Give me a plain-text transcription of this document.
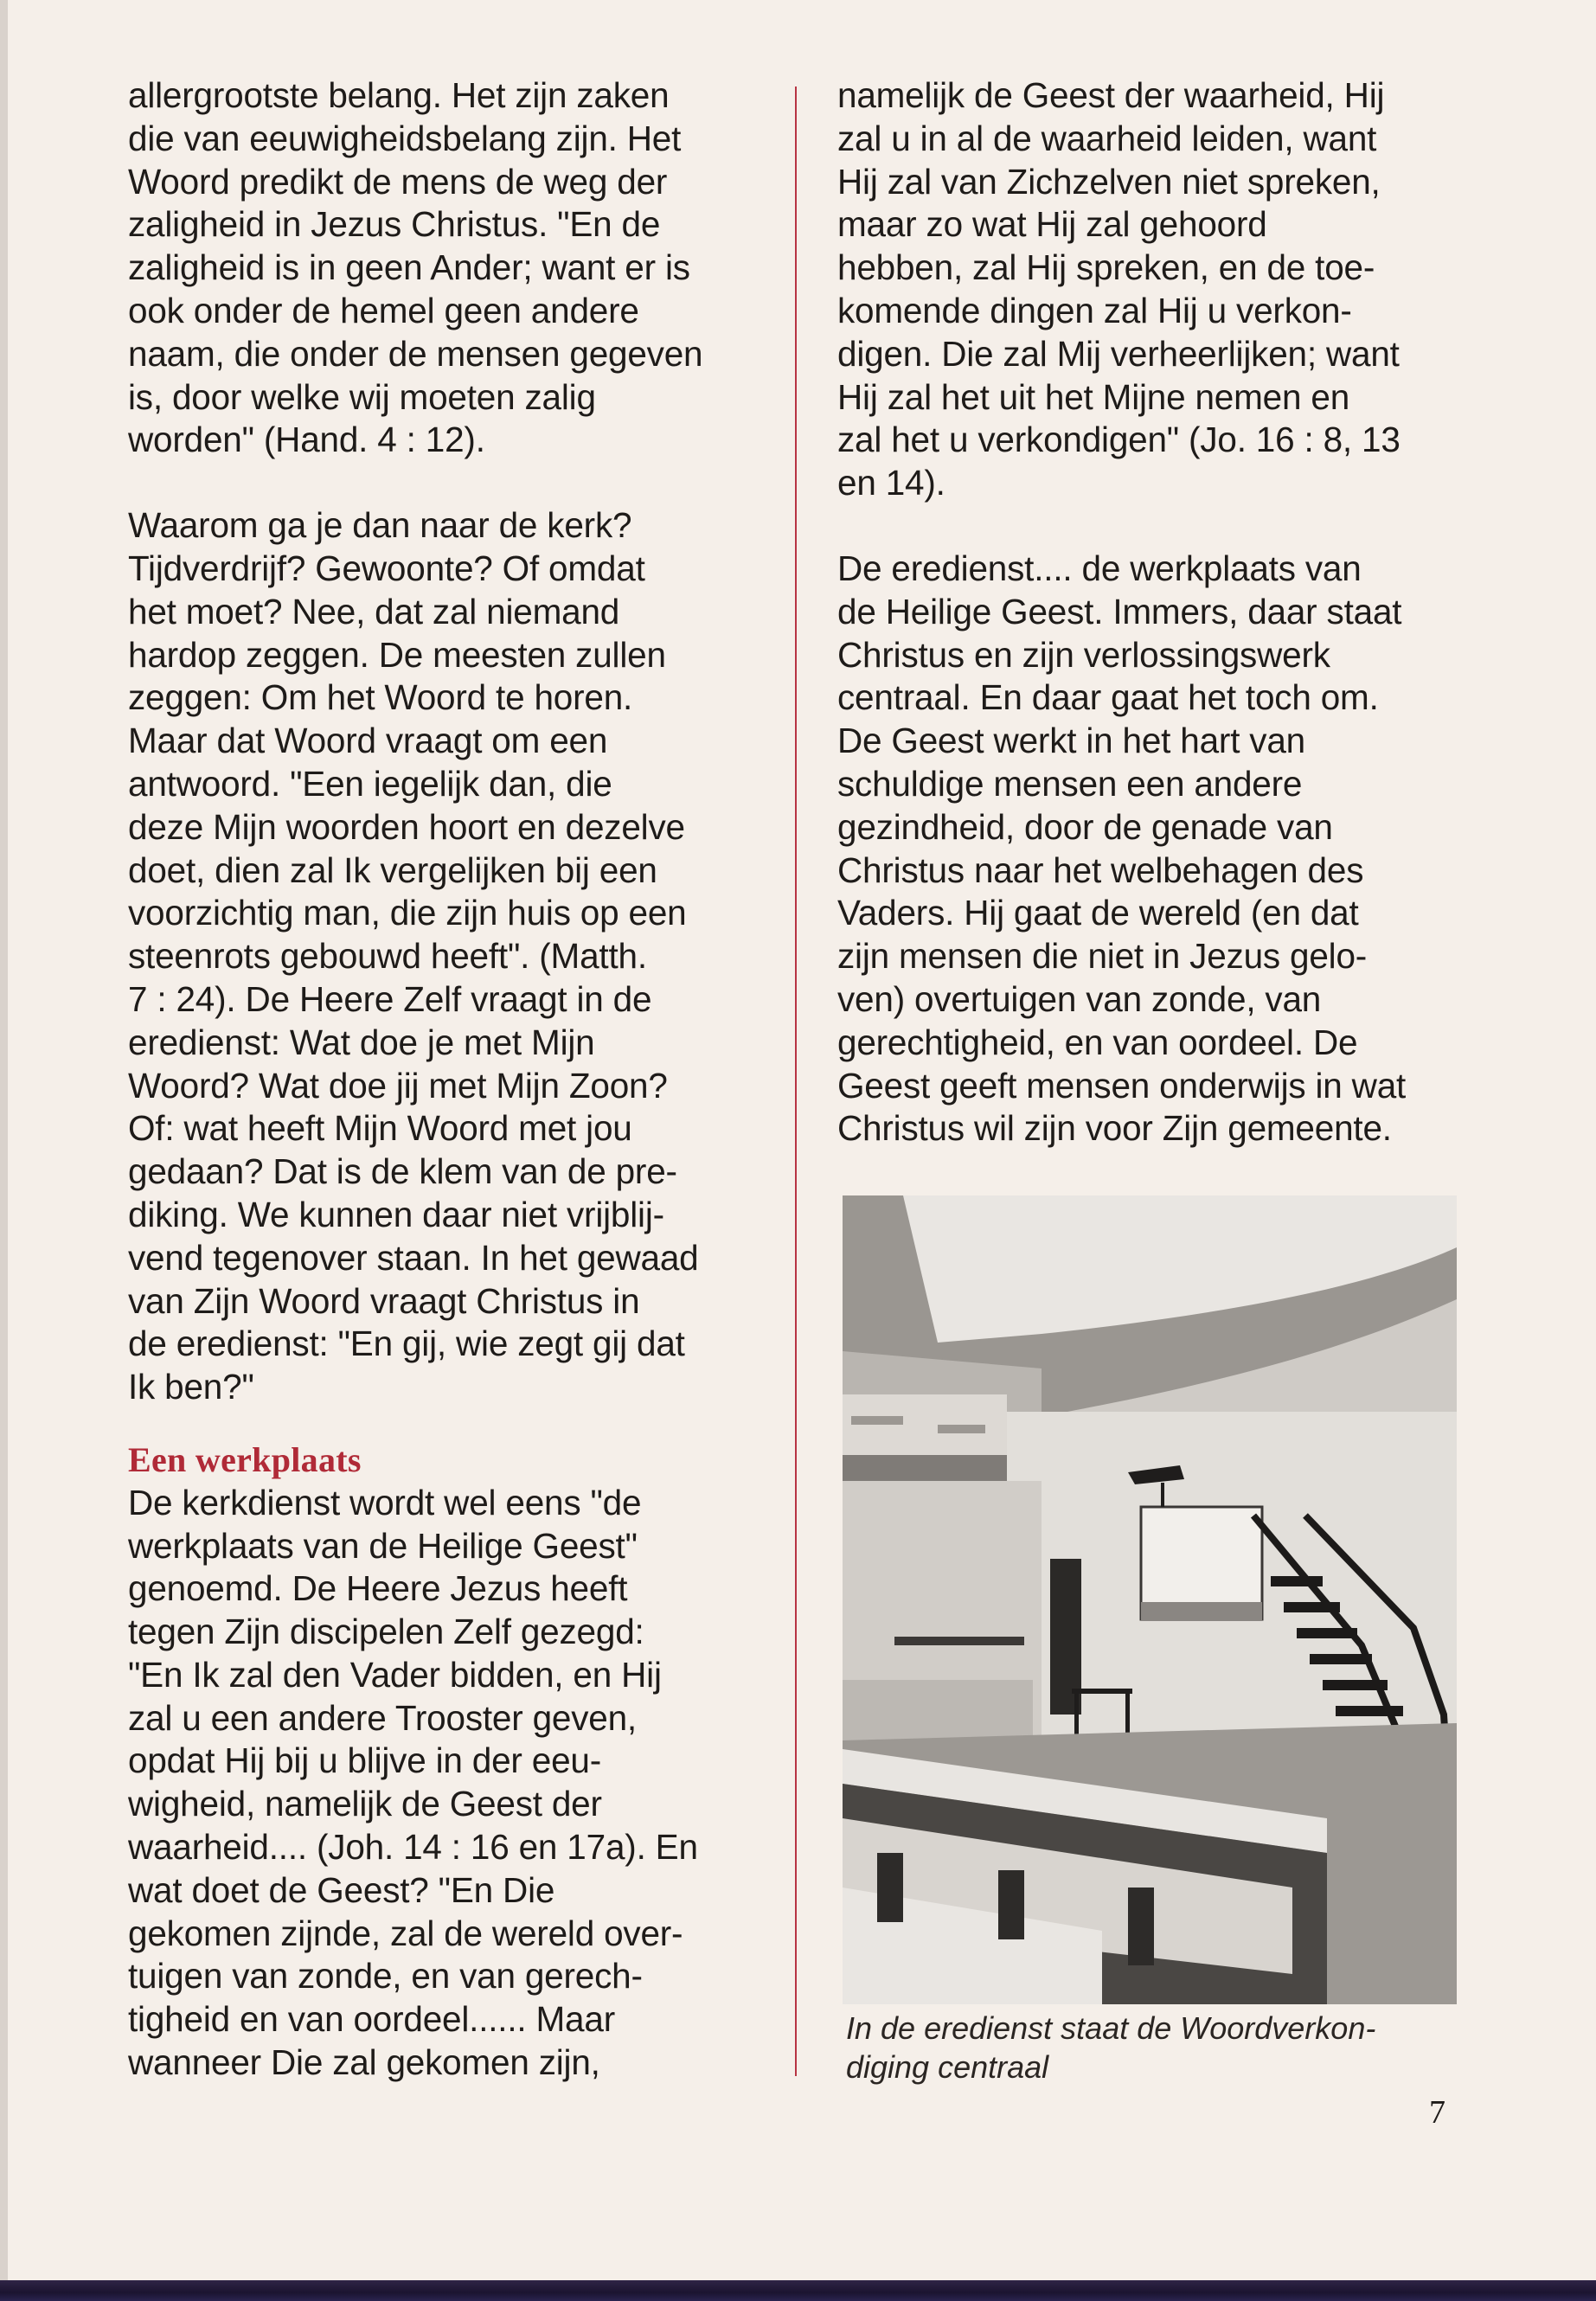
allergrootste belang. Het zijn zaken
die van eeuwigheidsbelang zijn. Het
Woord predikt de mens de weg der
zaligheid in Jezus Christus. "En de
zaligheid is in geen Ander; want er is
ook onder de hemel geen andere
naam, die onder de mensen gegeven
is, door welke wij moeten zalig
worden" (Hand. 4 : 12).

Waarom ga je dan naar de kerk?
Tijdverdrijf? Gewoonte? Of omdat
het moet? Nee, dat zal niemand
hardop zeggen. De meesten zullen
zeggen: Om het Woord te horen.
Maar dat Woord vraagt om een
antwoord. "Een iegelijk dan, die
deze Mijn woorden hoort en dezelve
doet, dien zal Ik vergelijken bij een
voorzichtig man, die zijn huis op een
steenrots gebouwd heeft". (Matth.
7 : 24). De Heere Zelf vraagt in de
eredienst: Wat doe je met Mijn
Woord? Wat doe jij met Mijn Zoon?
Of: wat heeft Mijn Woord met jou
gedaan? Dat is de klem van de pre-
diking. We kunnen daar niet vrijblij-
vend tegenover staan. In het gewaad
van Zijn Woord vraagt Christus in
de eredienst: "En gij, wie zegt gij dat
Ik ben?"

Een werkplaats

De kerkdienst wordt wel eens "de
werkplaats van de Heilige Geest"
genoemd. De Heere Jezus heeft
tegen Zijn discipelen Zelf gezegd:
"En Ik zal den Vader bidden, en Hij
zal u een andere Trooster geven,
opdat Hij bij u blijve in der eeu-
wigheid, namelijk de Geest der
waarheid.... (Joh. 14 : 16 en 17a). En
wat doet de Geest? "En Die
gekomen zijnde, zal de wereld over-
tuigen van zonde, en van gerech-
tigheid en van oordeel...... Maar
wanneer Die zal gekomen zijn,

namelijk de Geest der waarheid, Hij
zal u in al de waarheid leiden, want
Hij zal van Zichzelven niet spreken,
maar zo wat Hij zal gehoord
hebben, zal Hij spreken, en de toe-
komende dingen zal Hij u verkon-
digen. Die zal Mij verheerlijken; want
Hij zal het uit het Mijne nemen en
zal het u verkondigen" (Jo. 16 : 8, 13
en 14).

De eredienst.... de werkplaats van
de Heilige Geest. Immers, daar staat
Christus en zijn verlossingswerk
centraal. En daar gaat het toch om.
De Geest werkt in het hart van
schuldige mensen een andere
gezindheid, door de genade van
Christus naar het welbehagen des
Vaders. Hij gaat de wereld (en dat
zijn mensen die niet in Jezus gelo-
ven) overtuigen van zonde, van
gerechtigheid, en van oordeel. De
Geest geeft mensen onderwijs in wat
Christus wil zijn voor Zijn gemeente.

In de eredienst staat de Woordverkon-
diging centraal
7
